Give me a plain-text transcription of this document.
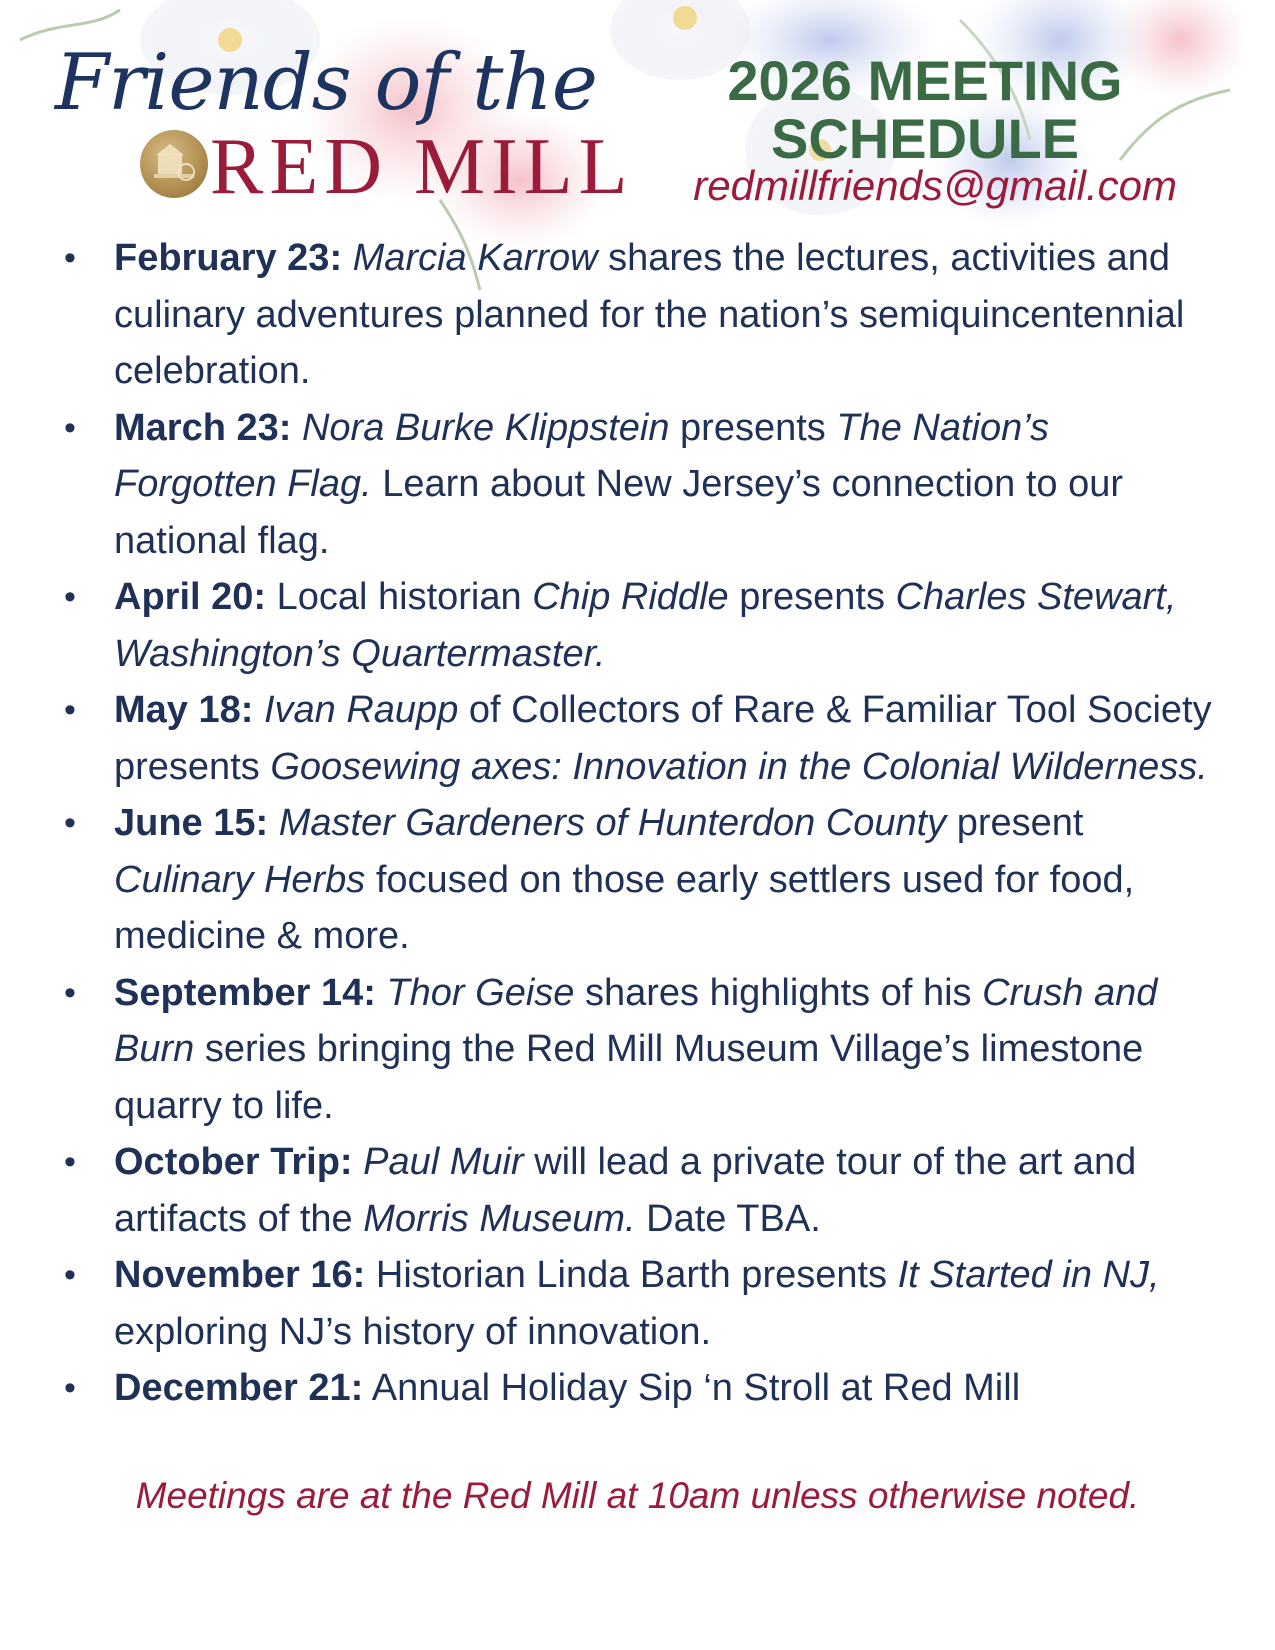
Friends of the
RED MILL
2026 MEETING
SCHEDULE
redmillfriends@gmail.com
• February 23: Marcia Karrow shares the lectures, activities and culinary adventures planned for the nation’s semiquincentennial celebration.
• March 23: Nora Burke Klippstein presents The Nation’s Forgotten Flag. Learn about New Jersey’s connection to our national flag.
• April 20: Local historian Chip Riddle presents Charles Stewart, Washington’s Quartermaster.
• May 18: Ivan Raupp of Collectors of Rare & Familiar Tool Society presents Goosewing axes: Innovation in the Colonial Wilderness.
• June 15: Master Gardeners of Hunterdon County present Culinary Herbs focused on those early settlers used for food, medicine & more.
• September 14: Thor Geise shares highlights of his Crush and Burn series bringing the Red Mill Museum Village’s limestone quarry to life.
• October Trip: Paul Muir will lead a private tour of the art and artifacts of the Morris Museum. Date TBA.
• November 16: Historian Linda Barth presents It Started in NJ, exploring NJ’s history of innovation.
• December 21: Annual Holiday Sip ‘n Stroll at Red Mill
Meetings are at the Red Mill at 10am unless otherwise noted.
